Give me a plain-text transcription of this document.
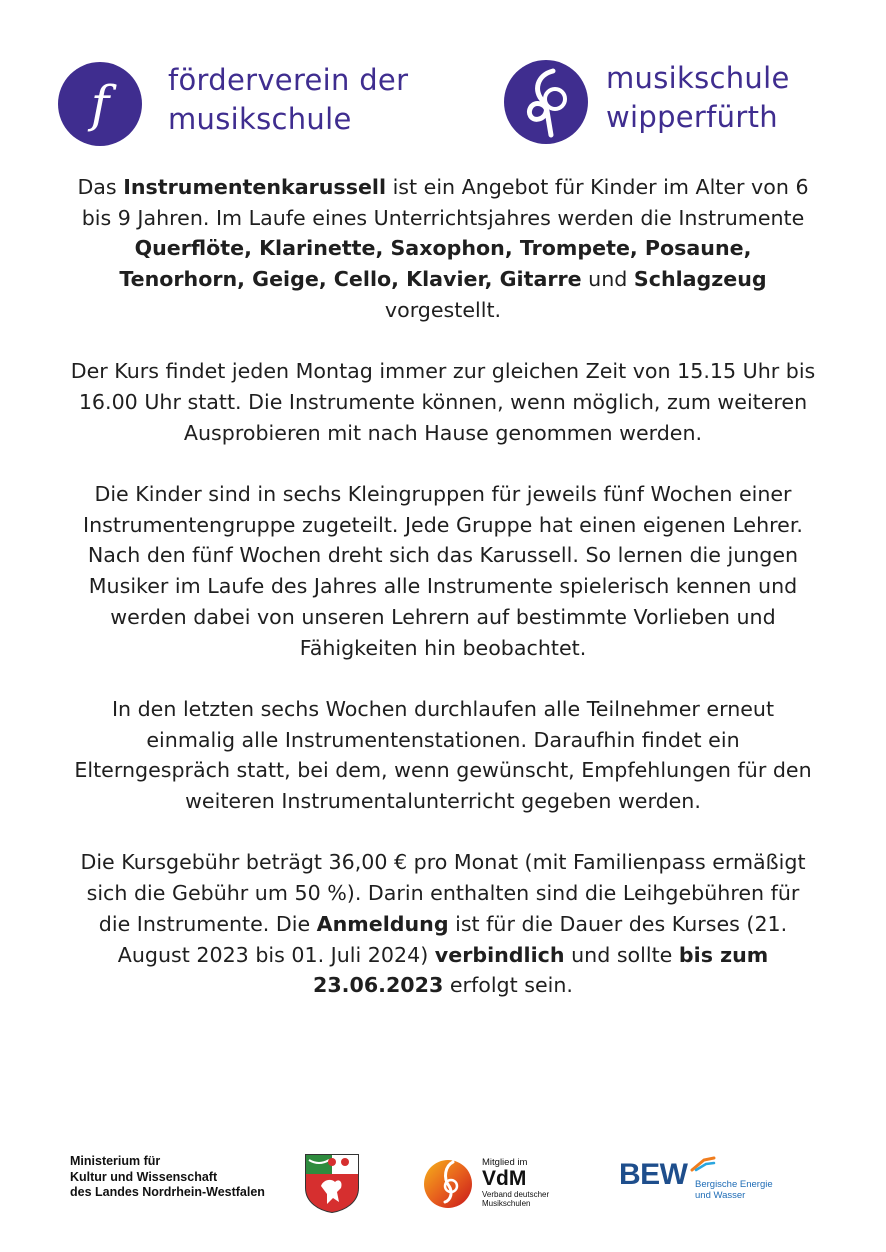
f förderverein der
musikschule
musikschule
wipperfürth

Das Instrumentenkarussell ist ein Angebot für Kinder im Alter von 6 bis 9 Jahren. Im Laufe eines Unterrichtsjahres werden die Instrumente Querflöte, Klarinette, Saxophon, Trompete, Posaune, Tenorhorn, Geige, Cello, Klavier, Gitarre und Schlagzeug vorgestellt.

Der Kurs findet jeden Montag immer zur gleichen Zeit von 15.15 Uhr bis 16.00 Uhr statt. Die Instrumente können, wenn möglich, zum weiteren Ausprobieren mit nach Hause genommen werden.

Die Kinder sind in sechs Kleingruppen für jeweils fünf Wochen einer Instrumentengruppe zugeteilt. Jede Gruppe hat einen eigenen Lehrer. Nach den fünf Wochen dreht sich das Karussell. So lernen die jungen Musiker im Laufe des Jahres alle Instrumente spielerisch kennen und werden dabei von unseren Lehrern auf bestimmte Vorlieben und Fähigkeiten hin beobachtet.

In den letzten sechs Wochen durchlaufen alle Teilnehmer erneut einmalig alle Instrumentenstationen. Daraufhin findet ein Elterngespräch statt, bei dem, wenn gewünscht, Empfehlungen für den weiteren Instrumentalunterricht gegeben werden.

Die Kursgebühr beträgt 36,00 € pro Monat (mit Familienpass ermäßigt sich die Gebühr um 50 %). Darin enthalten sind die Leihgebühren für die Instrumente. Die Anmeldung ist für die Dauer des Kurses (21. August 2023 bis 01. Juli 2024) verbindlich und sollte bis zum 23.06.2023 erfolgt sein.

Ministerium für
Kultur und Wissenschaft
des Landes Nordrhein-Westfalen
Mitglied im
VdM
Verband deutscher
Musikschulen
BEW Bergische Energie
und Wasser
